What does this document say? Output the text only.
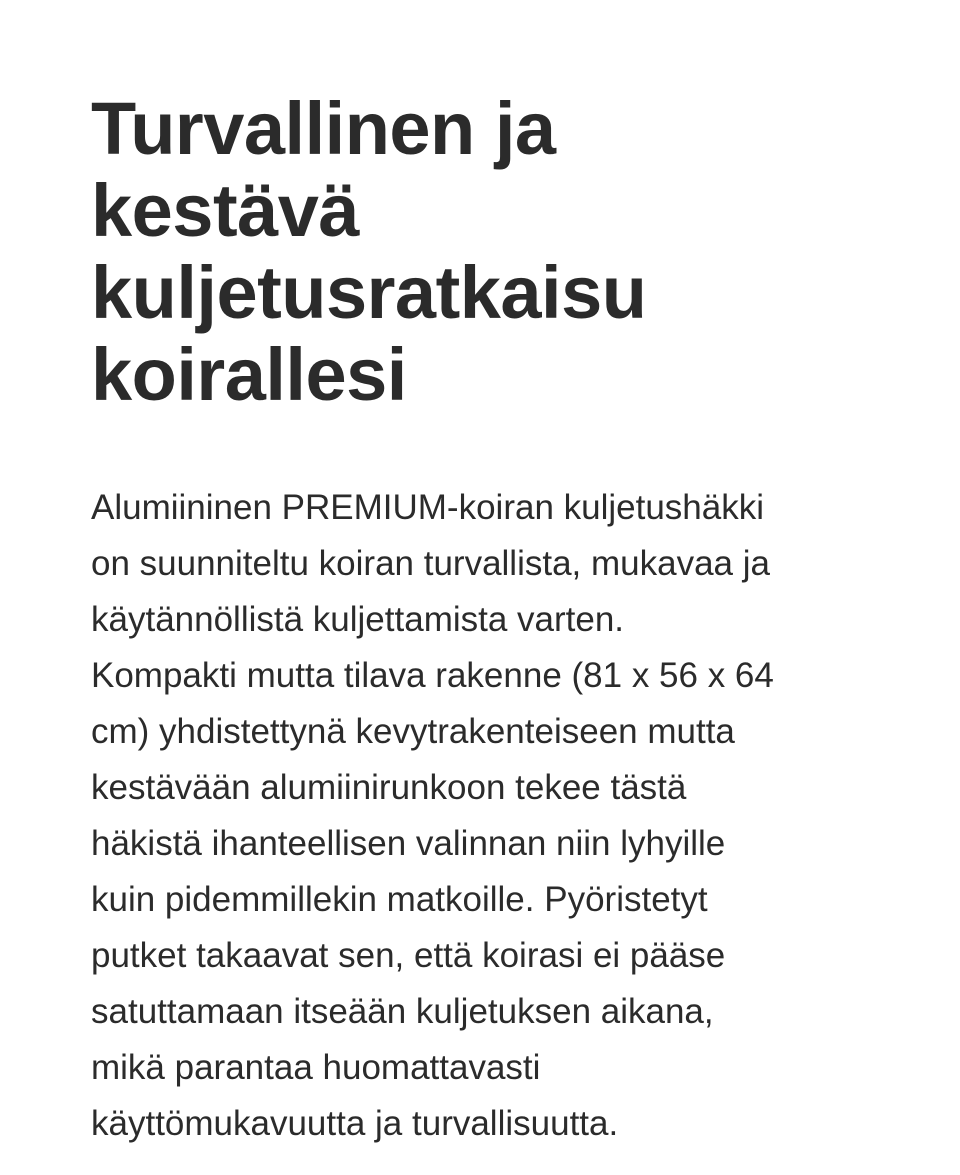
Turvallinen ja
kestävä
kuljetusratkaisu
koirallesi

Alumiininen PREMIUM-koiran kuljetushäkki
on suunniteltu koiran turvallista, mukavaa ja
käytännöllistä kuljettamista varten.
Kompakti mutta tilava rakenne (81 x 56 x 64
cm) yhdistettynä kevytrakenteiseen mutta
kestävään alumiinirunkoon tekee tästä
häkistä ihanteellisen valinnan niin lyhyille
kuin pidemmillekin matkoille. Pyöristetyt
putket takaavat sen, että koirasi ei pääse
satuttamaan itseään kuljetuksen aikana,
mikä parantaa huomattavasti
käyttömukavuutta ja turvallisuutta.
